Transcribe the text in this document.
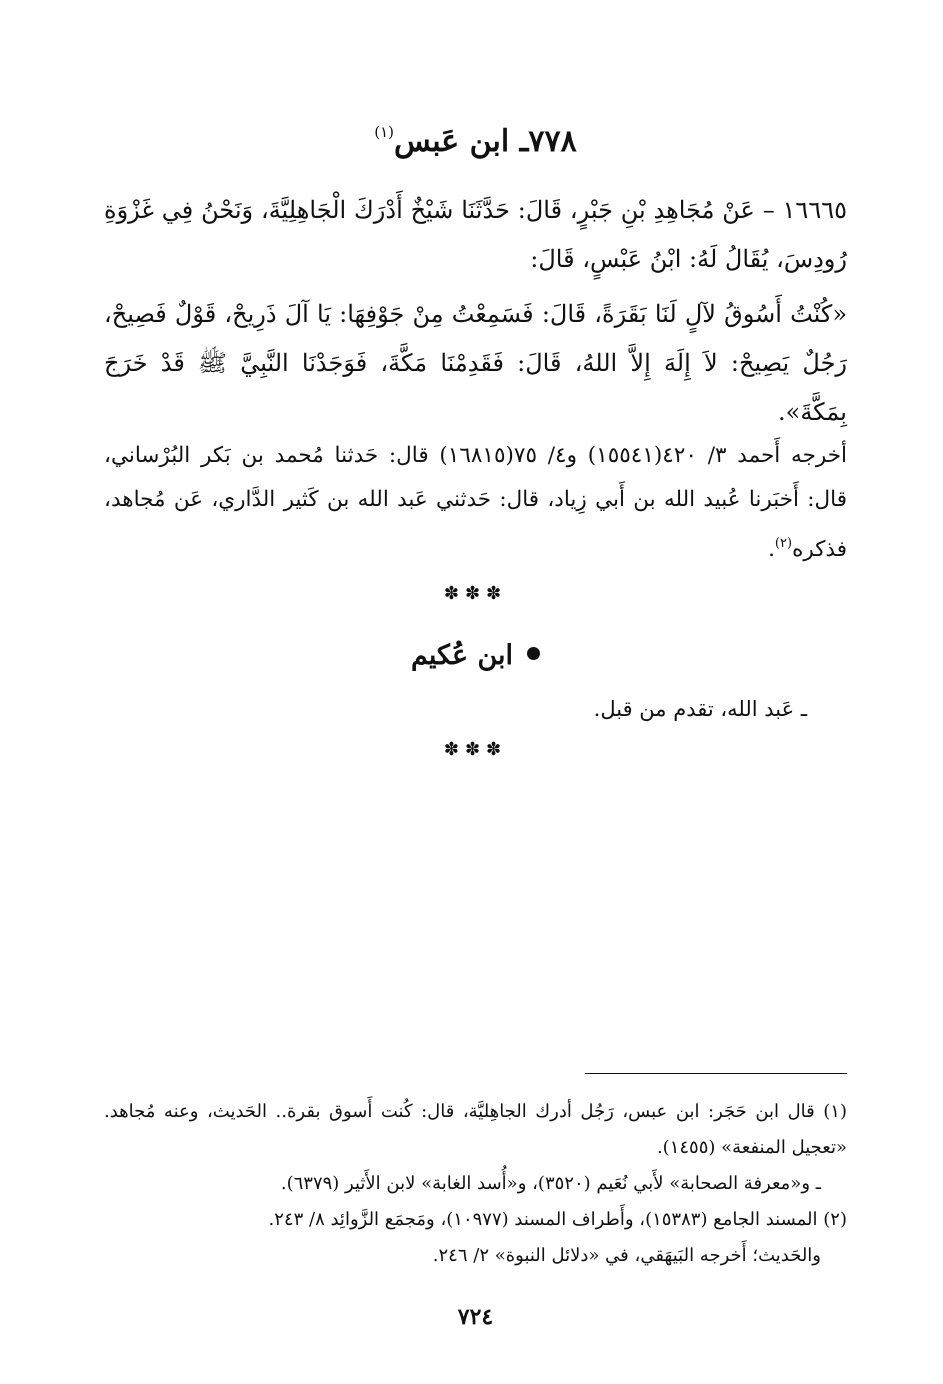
٧٧٨ـ ابن عَبس$^{(١)}$

١٦٦٦٥ – عَنْ مُجَاهِدِ بْنِ جَبْرٍ، قَالَ: حَدَّثَنَا شَيْخٌ أَدْرَكَ الْجَاهِلِيَّةَ، وَنَحْنُ فِي غَزْوَةِ رُودِسَ، يُقَالُ لَهُ: ابْنُ عَبْسٍ، قَالَ:

«كُنْتُ أَسُوقُ لآلٍ لَنَا بَقَرَةً، قَالَ: فَسَمِعْتُ مِنْ جَوْفِهَا: يَا آلَ ذَرِيحْ، قَوْلٌ فَصِيحْ، رَجُلٌ يَصِيحْ: لاَ إِلَهَ إِلاَّ اللهُ، قَالَ: فَقَدِمْنَا مَكَّةَ، فَوَجَدْنَا النَّبِيَّ ﷺ قَدْ خَرَجَ بِمَكَّةَ».

أخرجه أَحمد ٣/ ٤٢٠(١٥٥٤١) و٤/ ٧٥(١٦٨١٥) قال: حَدثنا مُحمد بن بَكر البُرْساني، قال: أَخبَرنا عُبيد الله بن أَبي زِياد، قال: حَدثني عَبد الله بن كَثير الدَّاري، عَن مُجاهد، فذكره$^{(٢)}$.

✽✽✽
ابن عُكيم
ـ عَبد الله، تقدم من قبل.
✽✽✽

(١) قال ابن حَجَر: ابن عبس، رَجُل أدرك الجاهِليَّة، قال: كُنت أَسوق بقرة.. الحَديث، وعنه مُجاهد. «تعجيل المنفعة» (١٤٥٥).

ـ و«معرفة الصحابة» لأَبي نُعَيم (٣٥٢٠)، و«أُسد الغابة» لابن الأَثير (٦٣٧٩).

(٢) المسند الجامع (١٥٣٨٣)، وأَطراف المسند (١٠٩٧٧)، ومَجمَع الزَّوائِد ٨/ ٢٤٣.

والحَديث؛ أَخرجه البَيهَقي، في «دلائل النبوة» ٢/ ٢٤٦.

٧٢٤
